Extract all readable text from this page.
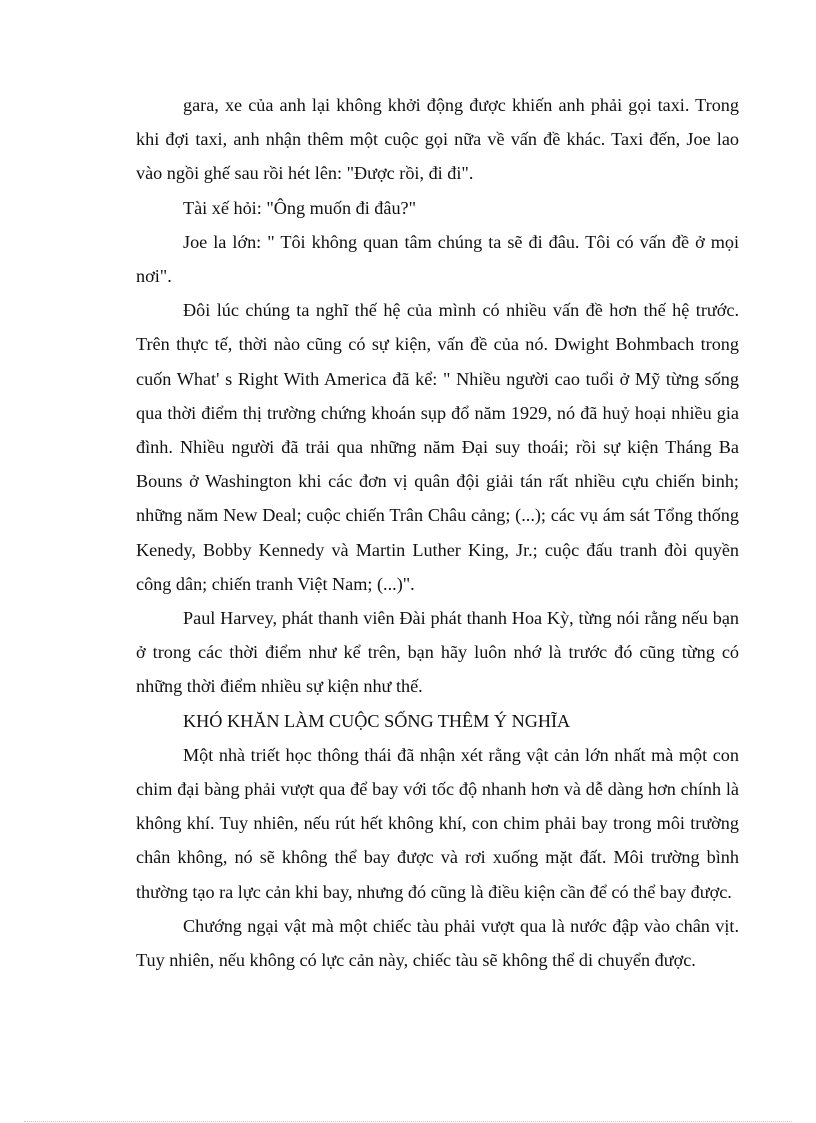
gara, xe của anh lại không khởi động được khiến anh phải gọi taxi. Trong khi đợi taxi, anh nhận thêm một cuộc gọi nữa về vấn đề khác. Taxi đến, Joe lao vào ngồi ghế sau rồi hét lên: "Được rồi, đi đi".

Tài xế hỏi: "Ông muốn đi đâu?"

Joe la lớn: " Tôi không quan tâm chúng ta sẽ đi đâu. Tôi có vấn đề ở mọi nơi".

Đôi lúc chúng ta nghĩ thế hệ của mình có nhiều vấn đề hơn thế hệ trước. Trên thực tế, thời nào cũng có sự kiện, vấn đề của nó. Dwight Bohmbach trong cuốn What' s Right With America đã kể: " Nhiều người cao tuổi ở Mỹ từng sống qua thời điểm thị trường chứng khoán sụp đổ năm 1929, nó đã huỷ hoại nhiều gia đình. Nhiều người đã trải qua những năm Đại suy thoái; rồi sự kiện Tháng Ba Bouns ở Washington khi các đơn vị quân đội giải tán rất nhiều cựu chiến binh; những năm New Deal; cuộc chiến Trân Châu cảng; (...); các vụ ám sát Tổng thống Kenedy, Bobby Kennedy và Martin Luther King, Jr.; cuộc đấu tranh đòi quyền công dân; chiến tranh Việt Nam; (...)".

Paul Harvey, phát thanh viên Đài phát thanh Hoa Kỳ, từng nói rằng nếu bạn ở trong các thời điểm như kể trên, bạn hãy luôn nhớ là trước đó cũng từng có những thời điểm nhiều sự kiện như thế.

KHÓ KHĂN LÀM CUỘC SỐNG THÊM Ý NGHĨA

Một nhà triết học thông thái đã nhận xét rằng vật cản lớn nhất mà một con chim đại bàng phải vượt qua để bay với tốc độ nhanh hơn và dễ dàng hơn chính là không khí. Tuy nhiên, nếu rút hết không khí, con chim phải bay trong môi trường chân không, nó sẽ không thể bay được và rơi xuống mặt đất. Môi trường bình thường tạo ra lực cản khi bay, nhưng đó cũng là điều kiện cần để có thể bay được.

Chướng ngại vật mà một chiếc tàu phải vượt qua là nước đập vào chân vịt. Tuy nhiên, nếu không có lực cản này, chiếc tàu sẽ không thể di chuyển được.
